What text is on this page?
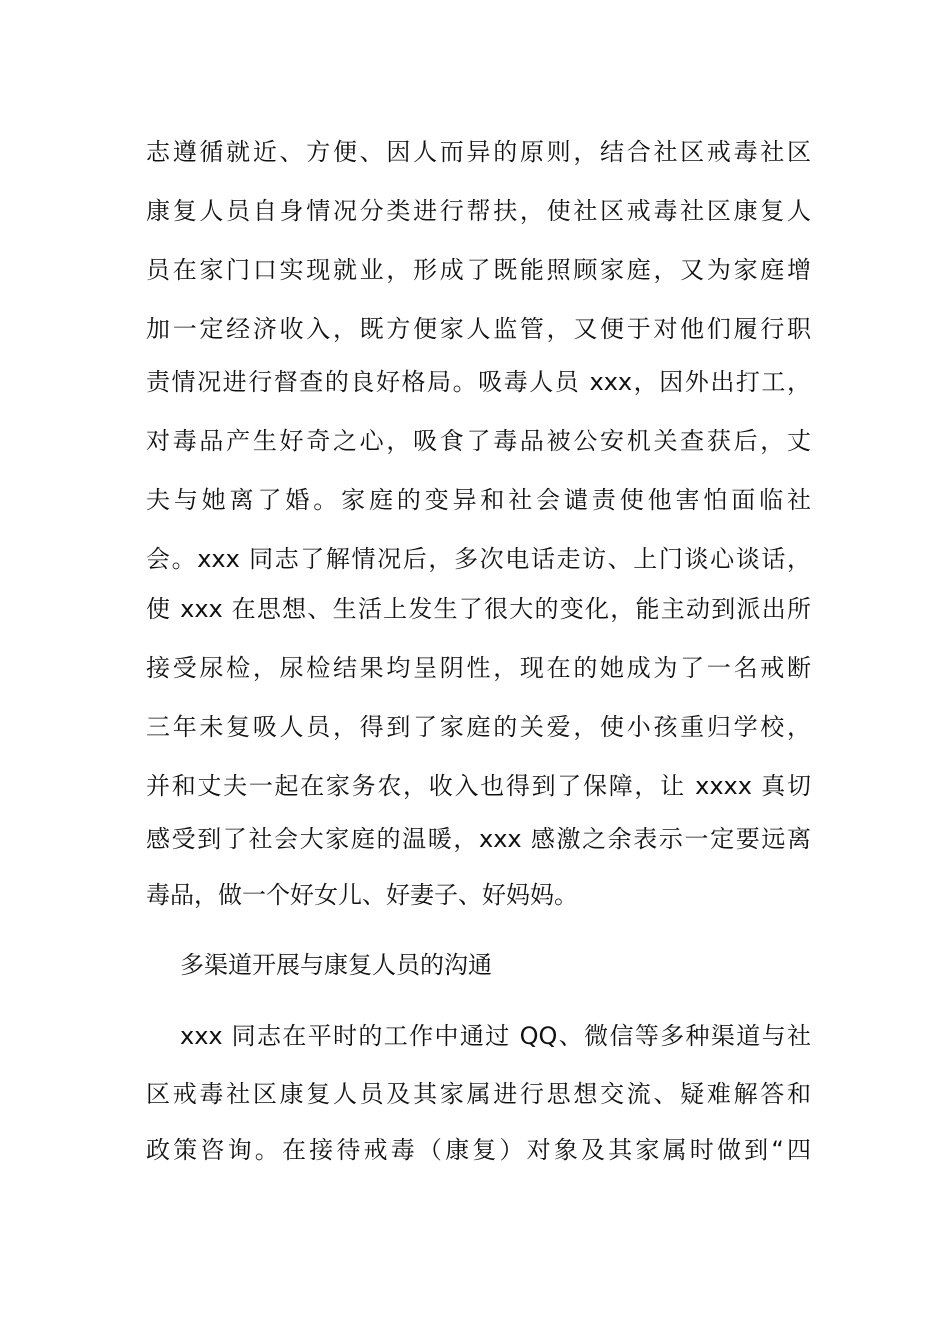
志遵循就近、方便、因人而异的原则，结合社区戒毒社区
康复人员自身情况分类进行帮扶，使社区戒毒社区康复人
员在家门口实现就业，形成了既能照顾家庭，又为家庭增
加一定经济收入，既方便家人监管，又便于对他们履行职
责情况进行督查的良好格局。吸毒人员 xxx，因外出打工，
对毒品产生好奇之心，吸食了毒品被公安机关查获后，丈
夫与她离了婚。家庭的变异和社会谴责使他害怕面临社
会。xxx 同志了解情况后，多次电话走访、上门谈心谈话，
使 xxx 在思想、生活上发生了很大的变化，能主动到派出所
接受尿检，尿检结果均呈阴性，现在的她成为了一名戒断
三年未复吸人员，得到了家庭的关爱，使小孩重归学校，
并和丈夫一起在家务农，收入也得到了保障，让 xxxx 真切
感受到了社会大家庭的温暖，xxx 感激之余表示一定要远离
毒品，做一个好女儿、好妻子、好妈妈。
多渠道开展与康复人员的沟通
xxx 同志在平时的工作中通过 QQ、微信等多种渠道与社
区戒毒社区康复人员及其家属进行思想交流、疑难解答和
政策咨询。在接待戒毒（康复）对象及其家属时做到“四
